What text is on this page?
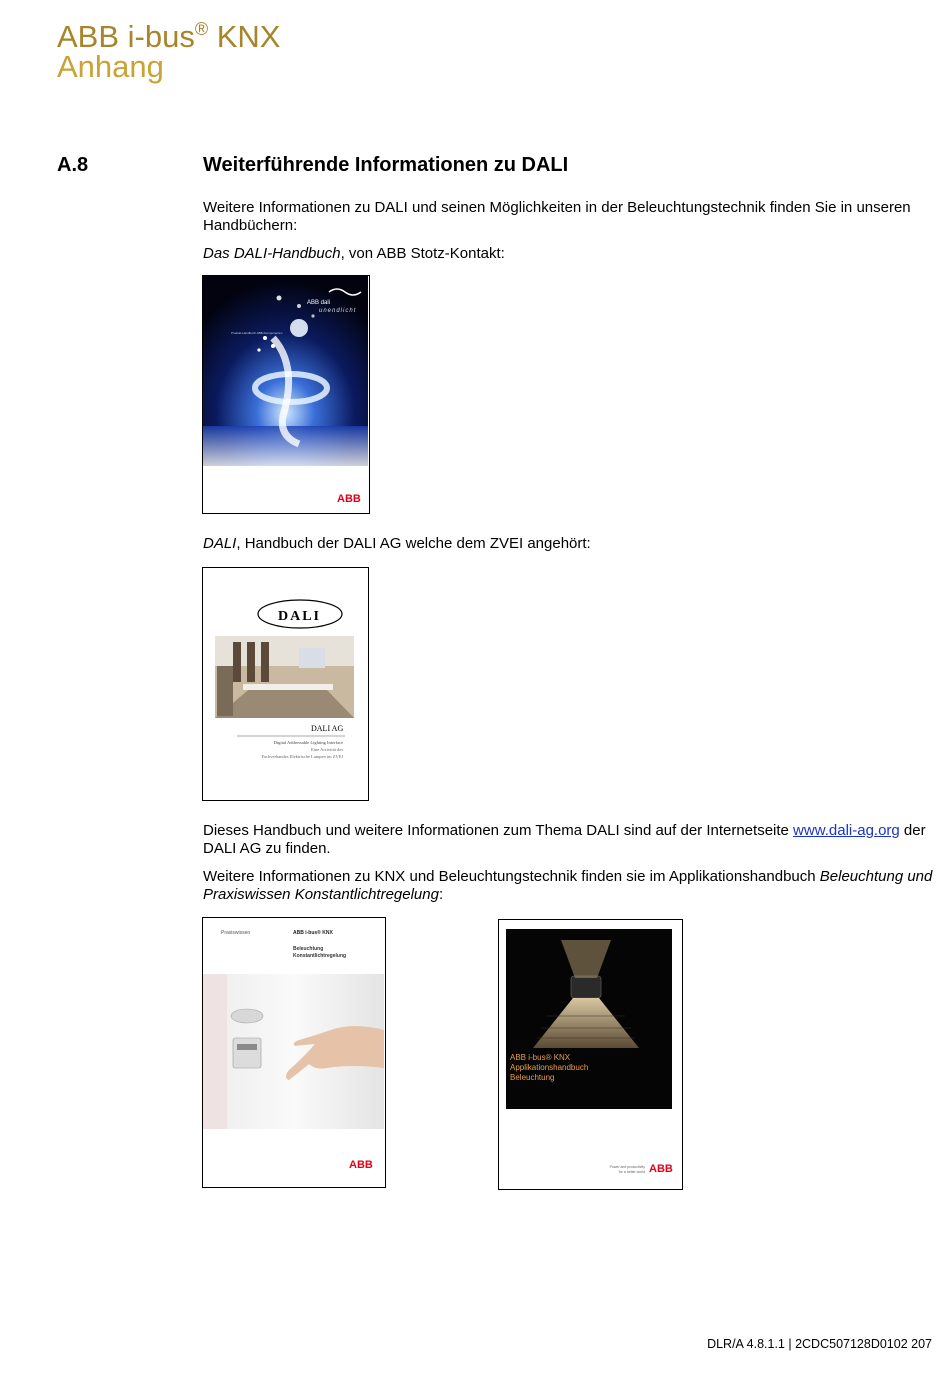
ABB i-bus® KNX
Anhang
A.8	Weiterführende Informationen zu DALI
Weitere Informationen zu DALI und seinen Möglichkeiten in der Beleuchtungstechnik finden Sie in unseren Handbüchern:
Das DALI-Handbuch, von ABB Stotz-Kontakt:
ABB dali
unendlicht
Produkt-Handbuch ABB-Komponenten
ABB
DALI, Handbuch der DALI AG welche dem ZVEI angehört:
DALI
DALI AG
Digital Addressable Lighting Interface
Eine Activität des
Fachverbandes Elektrische Lampen im ZVEI
Dieses Handbuch und weitere Informationen zum Thema DALI sind auf der Internetseite www.dali-ag.org der DALI AG zu finden.
Weitere Informationen zu KNX und Beleuchtungstechnik finden sie im Applikationshandbuch Beleuchtung und Praxiswissen Konstantlichtregelung:
Praxiswissen	ABB i-bus® KNX
Beleuchtung
Konstantlichtregelung
ABB
ABB i-bus® KNX
Applikationshandbuch
Beleuchtung
Power and productivity
for a better world ABB
DLR/A 4.8.1.1 | 2CDC507128D0102 207
